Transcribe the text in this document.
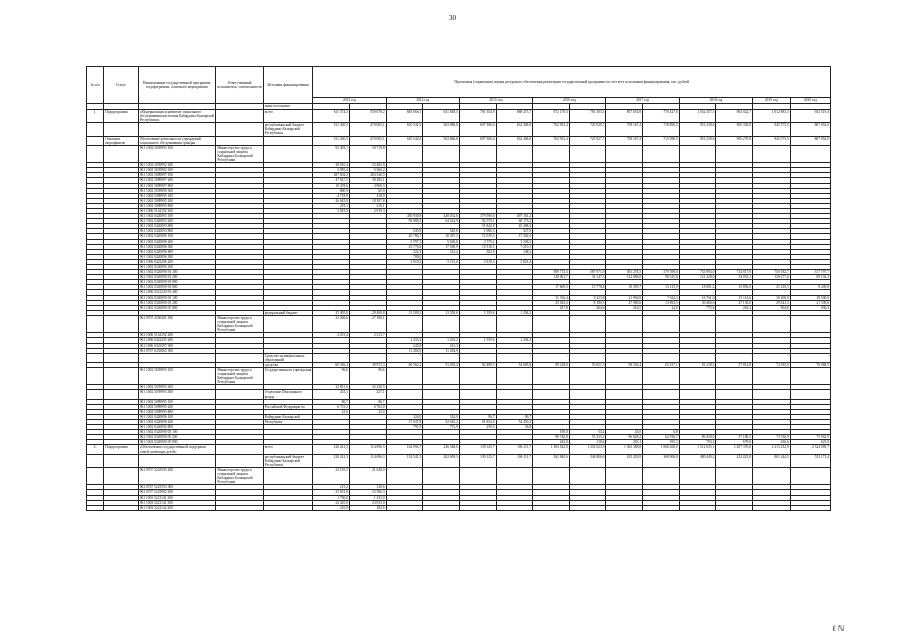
30
№ п/п	Статус	Наименование государственной программы, подпрограммы, основного мероприятия	Ответственный исполнитель, соисполнители	Источник финансирования	Прогнозная (справочная) оценка ресурсного обеспечения реализации государственной программы за счет всех источников финансирования, тыс. рублей													
					2013 год		2014 год		2015 год		2016 год		2017 год		2018 год		2019 год	2020 год
				иные источники														
1.	Подпрограмма	«Модернизация и развитие социального обслуживания населения Кабардино-Балкарской Республики»		всего	611 374,3	559 078,2	683 066,1	631 849,5	701 354,9	688 473,7	972 170,3	781 303,3	857 653,8	770 427,6	1 032 457,3	963 022,7	1 012 883,3	943 519,4
				республиканский бюджет Кабардино-Балкарской Республики	511 430,5	470 005,1	610 541,6	563 886,8	697 306,0	632 494,6	762 952,4	725 929,7	758 167,4	718 890,5	951 239,6	905 330,8	945 575,5	867 052,0
	Основное мероприятие	Обеспечение деятельности учреждений социального обслуживания граждан			511 430,5	470 005,1	610 542,6	563 866,8	697 306,0	632 494,6	762 952,4	725 927,7	758 167,4	715 090,5	951 239,6	905 270,8	945 575,5	867 052,0
		961 1002 5039993 100	Министерство труда и социальной защиты Кабардино-Балкарской Республики		92 493,1	50 719,8												
		961 1002 5039992 200			28 010,4	23 483,9												
		961 1002 5039992 300			5 985,4	5 560,2												
		961 1002 5089997 100			287 602,2	284 546,5												
		961 1002 5089997 200			47 927,5	38 285,1												
		961 1002 5089997 800			10 478,6	4 868,5												
		961 1002 5039999 300			800,9	65,9												
		961 1002 5089995 100			4 718,9	418,9												
		961 1002 5089995 200			26 645,0	18 397,8												
		961 1002 5089995 800			219,1	219,1												
		961 1006 5144192 200			3 923,3	2 919,3												
		961 1002 0420093 100					450 939,9	448 032,8	379 590,6	497 161,2								
		961 1002 0420093 200					99 086,5	64 244,9	92 570,1	60 173,3								
		961 1002 0420093 800							51 842,8	45 498,4								
		961 1002 0420093 800					545,8	545,8	1 086,3	527,0								
		961 1002 0420096 100					20 786,7	20 387,3	15 539,3	17 302,6								
		961 1002 0420096 200					5 797,1	5 620,0	3 779,2	3 358,5								
		961 1002 0420096 300					25 770,6	17 569,9	15 518,1	7 210,1								
		961 1002 0420096 800					322,3	312,2	302,9	148,2								
		961 1002 0420096 300					700,0											
		961 1006 0422296 200					3 919,3	3 191,0	3 919,3	2 821,4								
		961 1002 0320090 100																
		961 1002 0320090 93 100									589 713,3	587 971,9	581 278,3	579 398,0	733 993,0	714 817,9	750 182,7	517 797,7
		961 1002 0320090 93 200									128 061,7	34 147,3	122 086,0	98 325,8	121 428,0	54 053,3	128 277,6	69 104,3
		961 1002 0320090 93 800																
		961 1002 0320090 93 800									17 669,5	15 778,4	10 395,7	15 215,9	18 081,2	15 892,0	21 239,3	8 249,0
		961 1006 0321320 93 400																
		961 1002 0320090 05 100									11 316,4	9 223,8	21 960,0	7 624,3	16 761,0	15 114,6	16 200,0	18 500,0
		961 1002 0320090 05 200									25 043,2	8 180,5	27 980,6	13 892,5	30 460,6	27 130,0	29 021,3	21 339,6
		961 1002 0320090 05 800									457,8	264,6	316,5	24,0	775,8	263,4	904,8	936,4
				федеральный бюджет	35 495,0	29 400,8	13 509,3	13 550,6	1 559,6	1 294,3								
		961 0707 4330201 300	Министерство труда и социальной защиты Кабардино-Балкарской Республики		32 206,6	27 186,1												
		961 1006 5144192 200			2 291,4	2 213,7												
		961 1006 0422295 200					1 433,2	1 433,2	1 559,6	1 294,3								
		961 1006 0425297 300					245,8	241,3										
		961 0707 0435065 300					11 284,9	11 284,9										
				Средства муниципальных образований	-	-	-	-	-	-	-	-	-	-	-	-	-	-
				средства	60 356,3	49 972,3	60 562,2	53 493,4	82 489,3	54 683,8	99 218,0	55 051,5	98 536,4	63 237,1	81 218,3	57 812,0	74 185,6	76 068,5
		961 1002 5039993 100	Министерство труда и социальной защиты Кабардино-Балкарской Республики	Государственного учреждения	96,6	96,6												
		961 1002 5039993 200			32 851,6	42 236,5												
		961 1002 5039993 300		Отделение Пенсионного фонда	233,1	237,1												
		961 1002 5089995 100			86,7	86,7												
		961 1002 5089995 200		Российской Федерации по	6 733,3	6 763,0												
		961 1002 5089995 800			23,0	23,0												
		961 1002 0420096 100		Кабардино-Балкарской			324,0	324,0	96,7	96,7								
		961 1002 0420096 200		Республике			57 047,8	52 445,2	81 854,0	54 450,3								
		961 1002 0420096 800					791,9	791,9	259,0	36,8								
		961 1002 0320090 05 100									190,0	54,2	45,0	6,8				
		961 1002 0320090 05 200									98 316,8	55 335,2	96 828,2	62 936,7	80 430,0	57 180,3	73 536,9	75 942,9
		961 1002 0320090 05 800									242,0	118,6	203,1	395,3	793,3	679,6	636,6	625,8
2.	Подпрограмма	«Обеспечение государственной поддержки семей, имеющих детей»		всего	120 241,3	114 696,3	162 094,7	226 348,0	139 125,7	106 111,7	1 384 542,8	1 252 623,9	1 363 388,8	1 068 268,0	1 512 635,1	1 457 376,8	2 213 232,9	2 324 005,7
				республиканский бюджет Кабардино-Балкарской Республики	120 241,3	114 696,3	132 541,3	202 609,3	139 125,7	106 111,7	362 840,6	344 806,6	435 229,9	368 908,0	480 449,2	432 223,8	801 244,5	743 171,4
		961 0707 5225593 200	Министерство труда и социальной защиты Кабардино-Балкарской Республики		22 105,5	21 649,0												
		961 0707 5225593 300			215,2	126,6												
		961 0707 5225992 300			25 651,0	23 586,3												
		961 1003 5221141 200			1 790,0	1 233,0												
		961 1003 5221141 300			24 410,0	23 033,0												
		961 1003 5221142 200			210,0	182,6												
ℓ ℕ
